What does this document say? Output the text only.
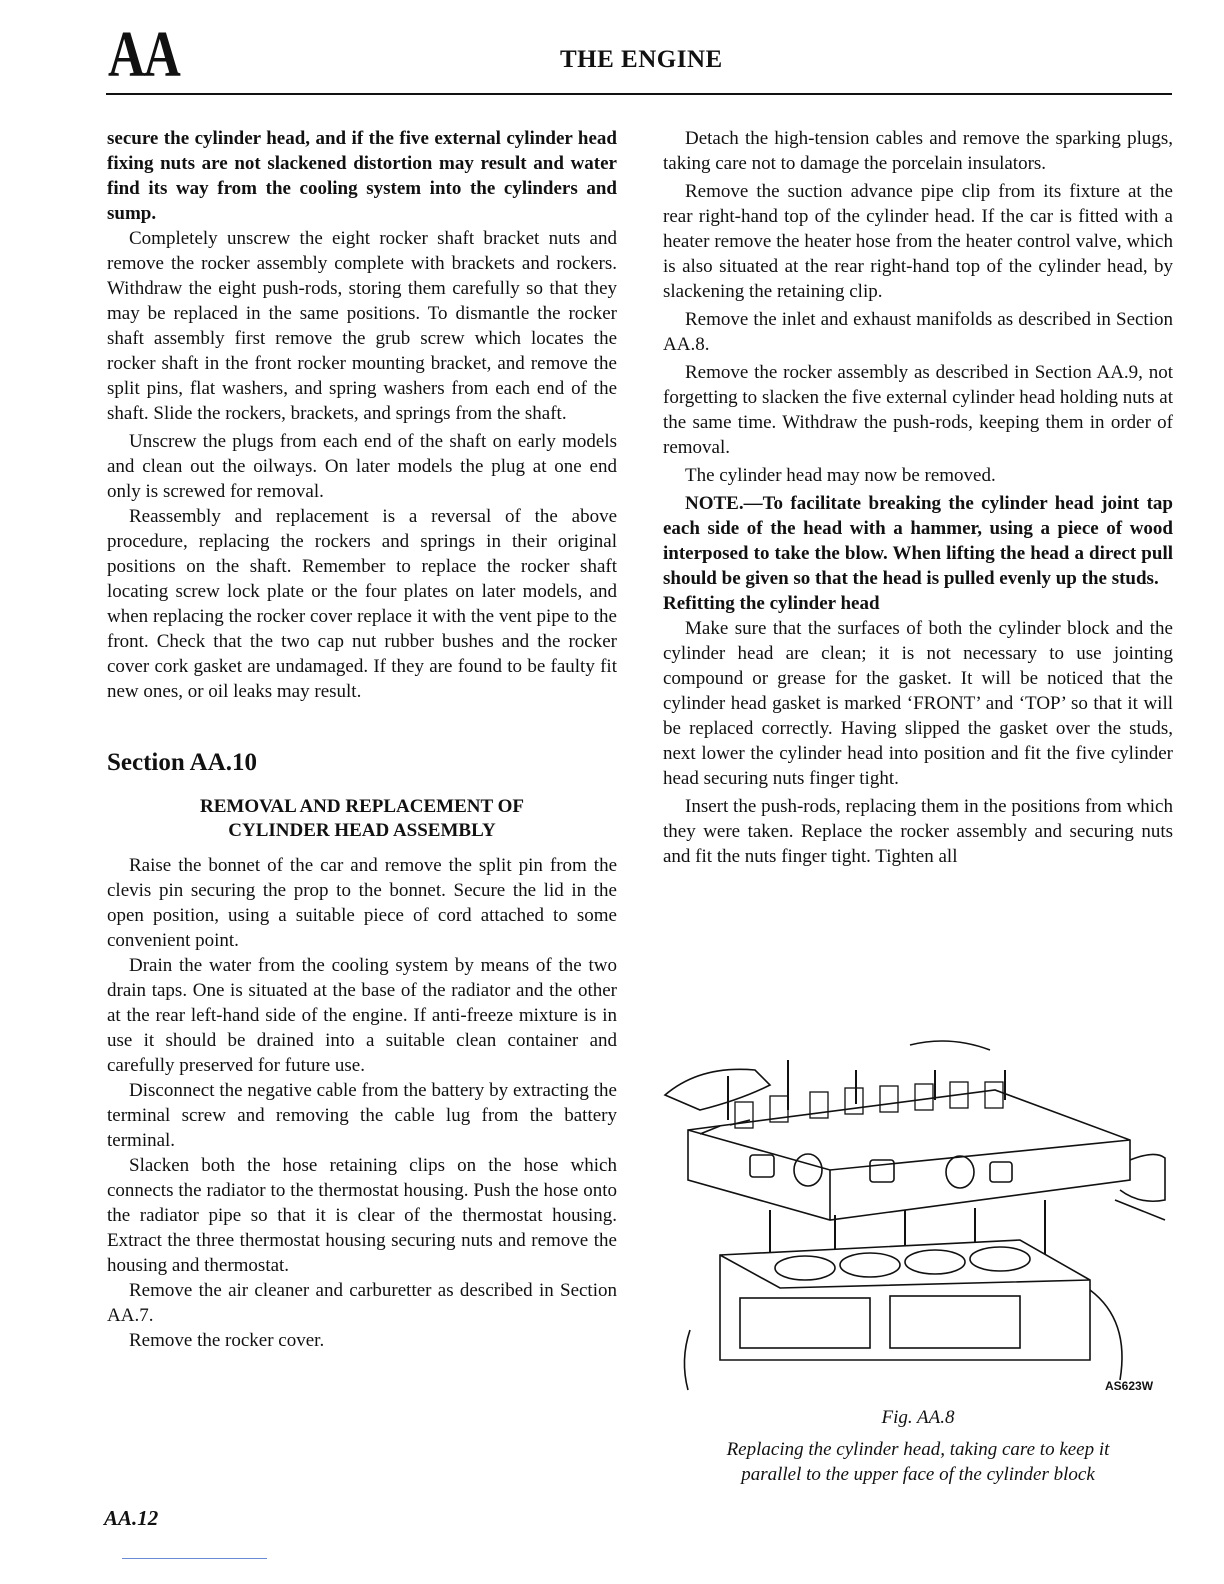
AA	THE ENGINE

secure the cylinder head, and if the five external cylinder head fixing nuts are not slackened distortion may result and water find its way from the cooling system into the cylinders and sump.

Completely unscrew the eight rocker shaft bracket nuts and remove the rocker assembly complete with brackets and rockers. Withdraw the eight push-rods, storing them carefully so that they may be replaced in the same positions. To dismantle the rocker shaft assembly first remove the grub screw which locates the rocker shaft in the front rocker mounting bracket, and remove the split pins, flat washers, and spring washers from each end of the shaft. Slide the rockers, brackets, and springs from the shaft.

Unscrew the plugs from each end of the shaft on early models and clean out the oilways. On later models the plug at one end only is screwed for removal.

Reassembly and replacement is a reversal of the above procedure, replacing the rockers and springs in their original positions on the shaft. Remember to replace the rocker shaft locating screw lock plate or the four plates on later models, and when replacing the rocker cover replace it with the vent pipe to the front. Check that the two cap nut rubber bushes and the rocker cover cork gasket are undamaged. If they are found to be faulty fit new ones, or oil leaks may result.

Section AA.10
REMOVAL AND REPLACEMENT OF
CYLINDER HEAD ASSEMBLY

Raise the bonnet of the car and remove the split pin from the clevis pin securing the prop to the bonnet. Secure the lid in the open position, using a suitable piece of cord attached to some convenient point.

Drain the water from the cooling system by means of the two drain taps. One is situated at the base of the radiator and the other at the rear left-hand side of the engine. If anti-freeze mixture is in use it should be drained into a suitable clean container and carefully preserved for future use.

Disconnect the negative cable from the battery by extracting the terminal screw and removing the cable lug from the battery terminal.

Slacken both the hose retaining clips on the hose which connects the radiator to the thermostat housing. Push the hose onto the radiator pipe so that it is clear of the thermostat housing. Extract the three thermostat housing securing nuts and remove the housing and thermostat.

Remove the air cleaner and carburetter as described in Section AA.7.

Remove the rocker cover.

Detach the high-tension cables and remove the sparking plugs, taking care not to damage the porcelain insulators.

Remove the suction advance pipe clip from its fixture at the rear right-hand top of the cylinder head. If the car is fitted with a heater remove the heater hose from the heater control valve, which is also situated at the rear right-hand top of the cylinder head, by slackening the retaining clip.

Remove the inlet and exhaust manifolds as described in Section AA.8.

Remove the rocker assembly as described in Section AA.9, not forgetting to slacken the five external cylinder head holding nuts at the same time. Withdraw the push-rods, keeping them in order of removal.

The cylinder head may now be removed.

NOTE.—To facilitate breaking the cylinder head joint tap each side of the head with a hammer, using a piece of wood interposed to take the blow. When lifting the head a direct pull should be given so that the head is pulled evenly up the studs.

Refitting the cylinder head

Make sure that the surfaces of both the cylinder block and the cylinder head are clean; it is not necessary to use jointing compound or grease for the gasket. It will be noticed that the cylinder head gasket is marked ‘FRONT’ and ‘TOP’ so that it will be replaced correctly. Having slipped the gasket over the studs, next lower the cylinder head into position and fit the five cylinder head securing nuts finger tight.

Insert the push-rods, replacing them in the positions from which they were taken. Replace the rocker assembly and securing nuts and fit the nuts finger tight. Tighten all

AS623W
Fig. AA.8
Replacing the cylinder head, taking care to keep it
parallel to the upper face of the cylinder block
AA.12
